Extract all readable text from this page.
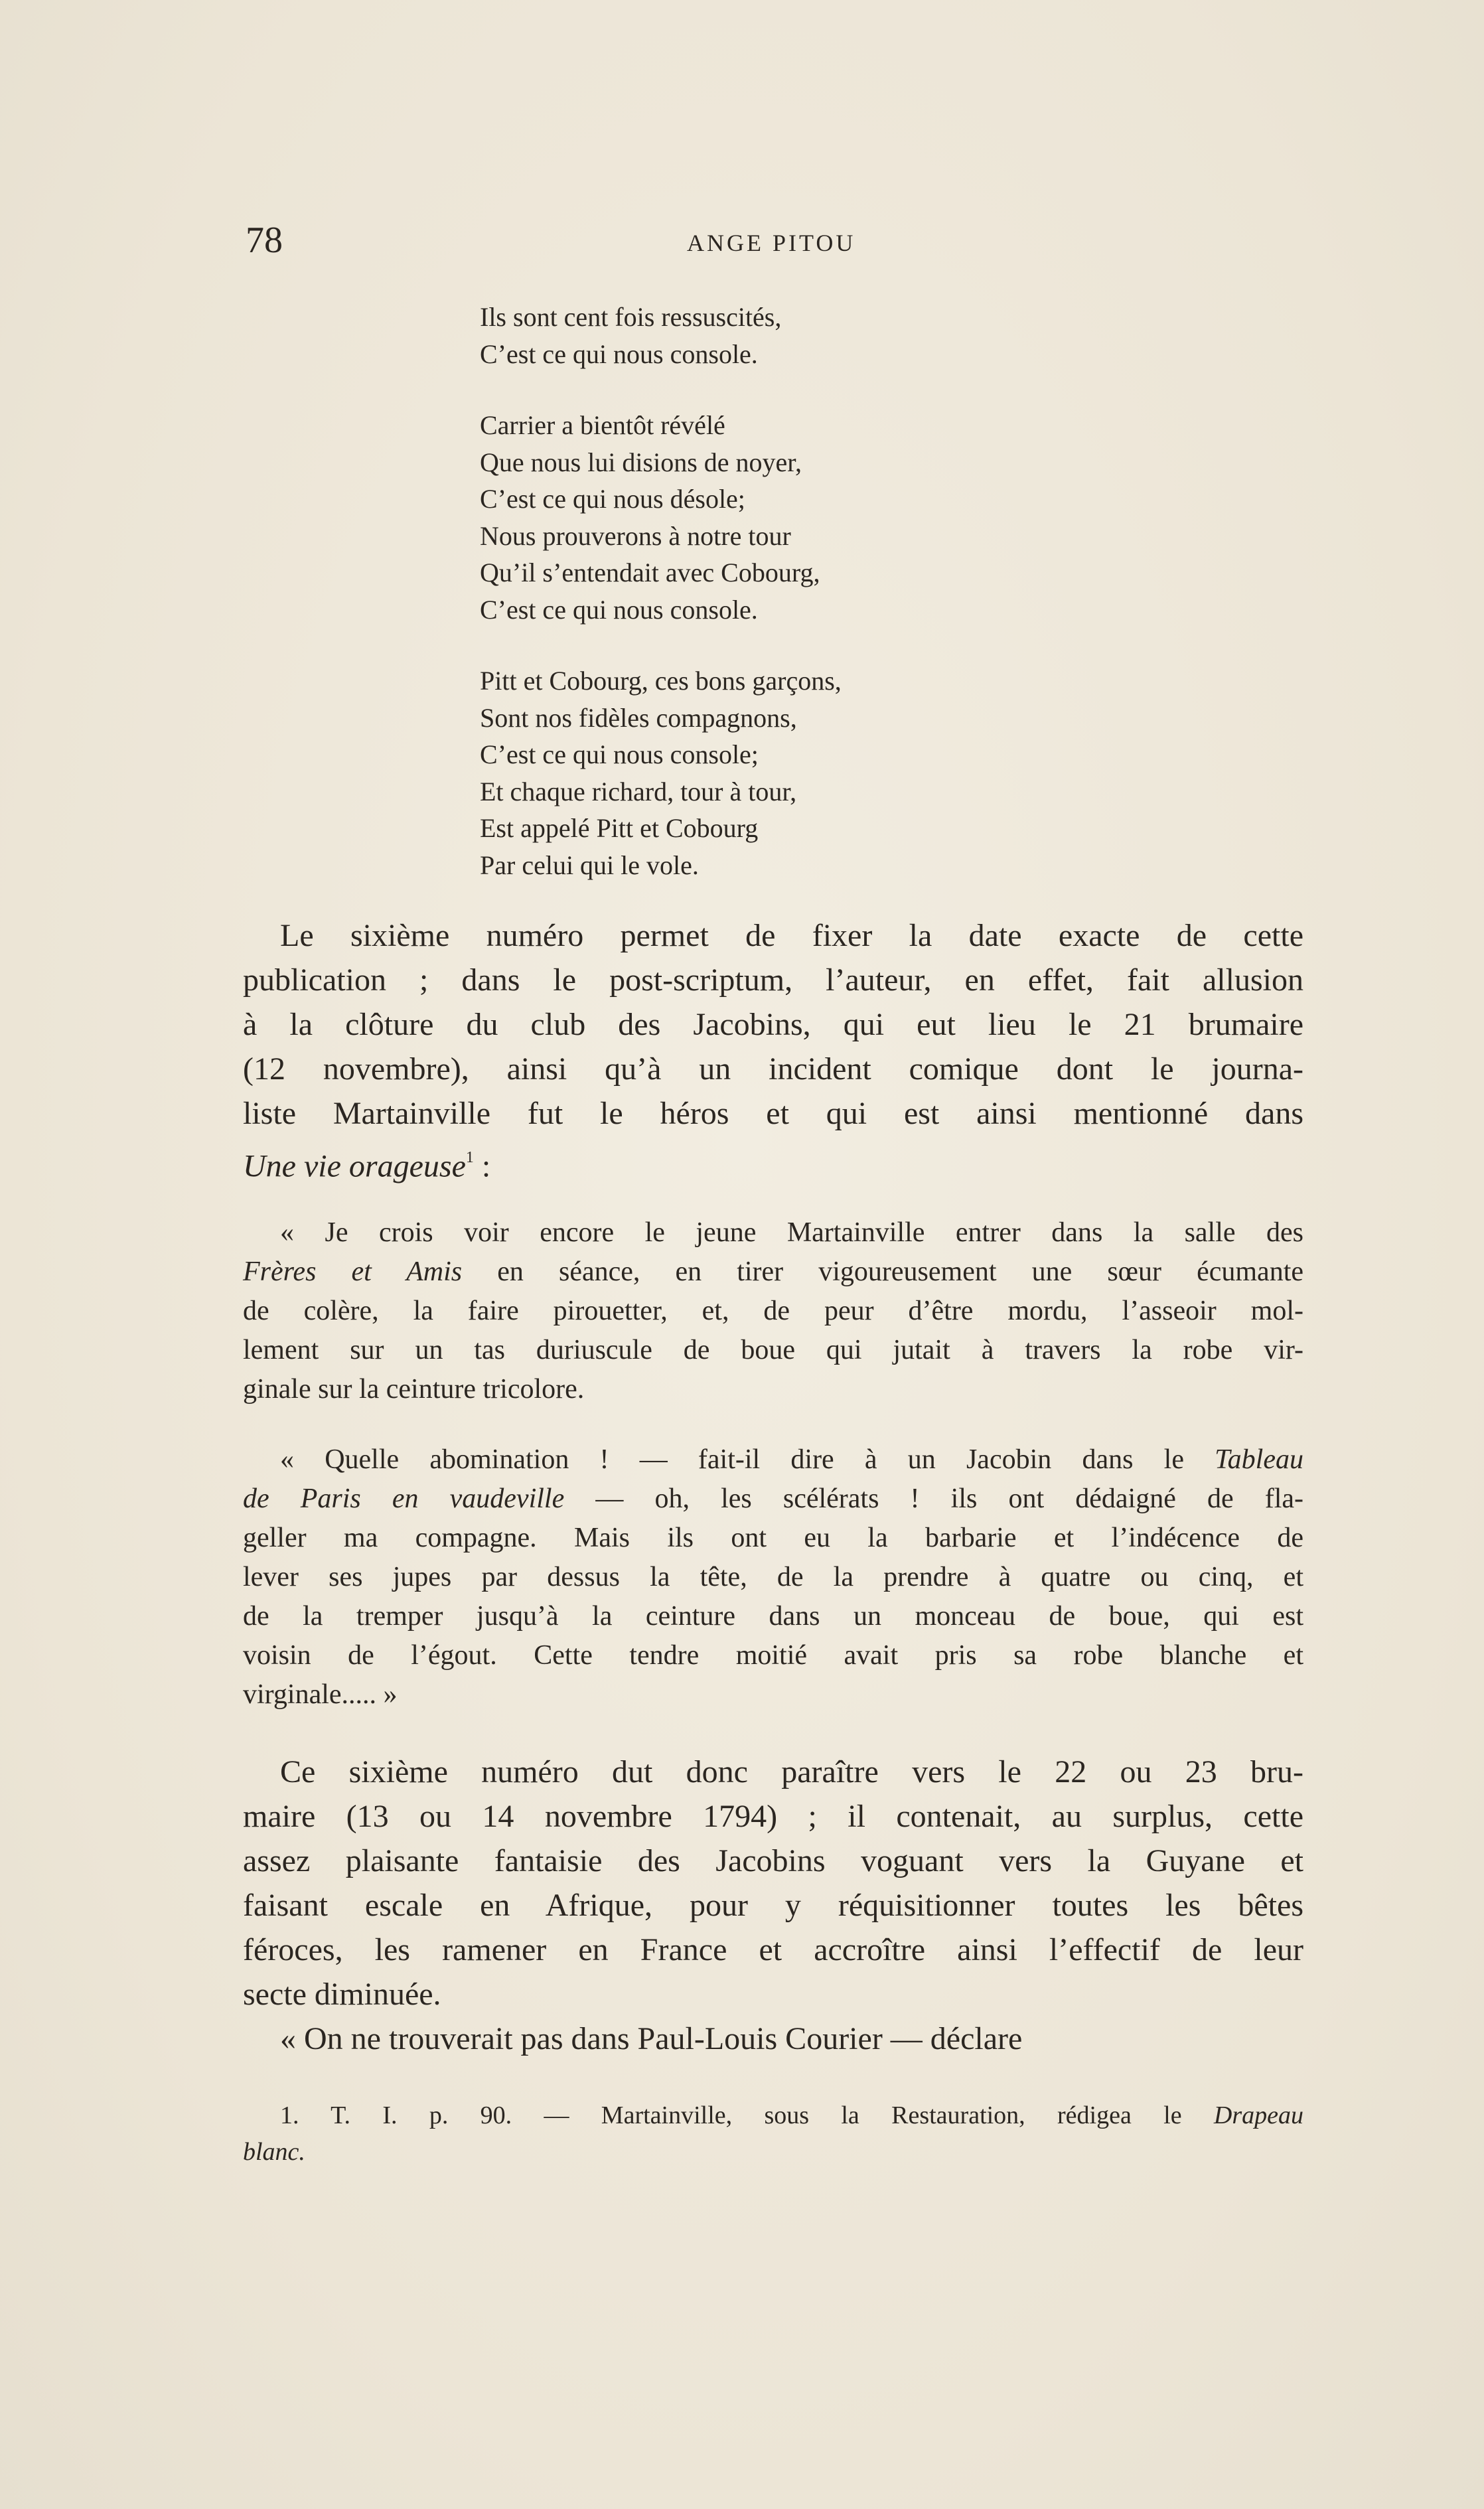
78	ANGE PITOU
Ils sont cent fois ressuscités,
C’est ce qui nous console.
Carrier a bientôt révélé
Que nous lui disions de noyer,
C’est ce qui nous désole;
Nous prouverons à notre tour
Qu’il s’entendait avec Cobourg,
C’est ce qui nous console.
Pitt et Cobourg, ces bons garçons,
Sont nos fidèles compagnons,
C’est ce qui nous console;
Et chaque richard, tour à tour,
Est appelé Pitt et Cobourg
Par celui qui le vole.
Le sixième numéro permet de fixer la date exacte de cette
publication ; dans le post-scriptum, l’auteur, en effet, fait allusion
à la clôture du club des Jacobins, qui eut lieu le 21 brumaire
(12 novembre), ainsi qu’à un incident comique dont le journa-
liste Martainville fut le héros et qui est ainsi mentionné dans
Une vie orageuse$^1$ :
« Je crois voir encore le jeune Martainville entrer dans la salle des
Frères et Amis en séance, en tirer vigoureusement une sœur écumante
de colère, la faire pirouetter, et, de peur d’être mordu, l’asseoir mol-
lement sur un tas duriuscule de boue qui jutait à travers la robe vir-
ginale sur la ceinture tricolore.
« Quelle abomination ! — fait-il dire à un Jacobin dans le Tableau
de Paris en vaudeville — oh, les scélérats ! ils ont dédaigné de fla-
geller ma compagne. Mais ils ont eu la barbarie et l’indécence de
lever ses jupes par dessus la tête, de la prendre à quatre ou cinq, et
de la tremper jusqu’à la ceinture dans un monceau de boue, qui est
voisin de l’égout. Cette tendre moitié avait pris sa robe blanche et
virginale..... »
Ce sixième numéro dut donc paraître vers le 22 ou 23 bru-
maire (13 ou 14 novembre 1794) ; il contenait, au surplus, cette
assez plaisante fantaisie des Jacobins voguant vers la Guyane et
faisant escale en Afrique, pour y réquisitionner toutes les bêtes
féroces, les ramener en France et accroître ainsi l’effectif de leur
secte diminuée.
« On ne trouverait pas dans Paul-Louis Courier — déclare
1. T. I. p. 90. — Martainville, sous la Restauration, rédigea le Drapeau
blanc.
